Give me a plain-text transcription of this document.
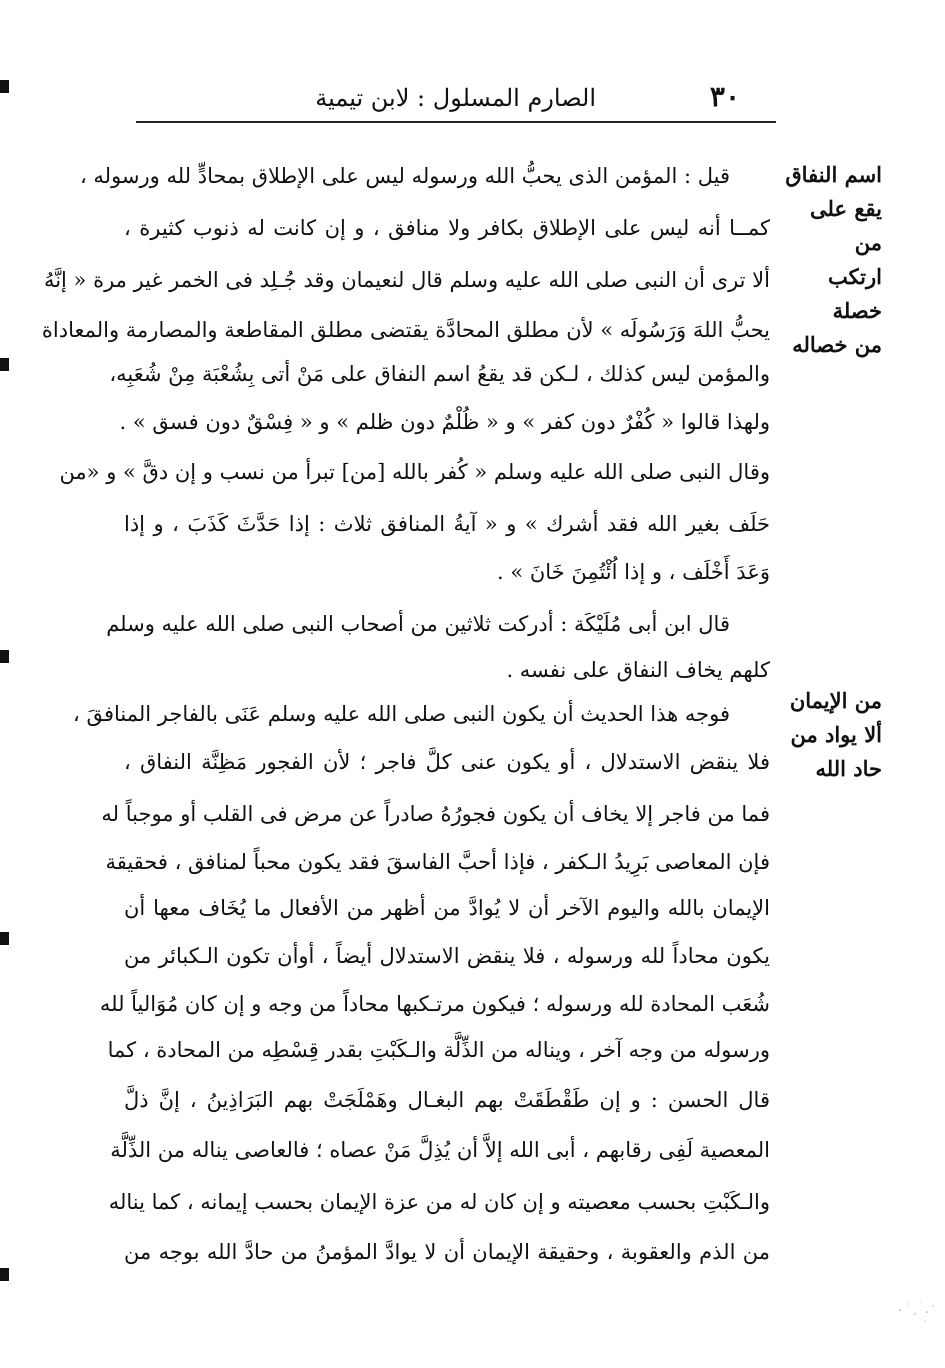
٣٠
الصارم المسلول : لابن تيمية
اسم النفاق
يقع على من
ارتكب خصلة
من خصاله
من الإيمان
ألا يواد من
حاد الله
قيل : المؤمن الذى يحبُّ الله ورسوله ليس على الإطلاق بمحادٍّ لله ورسوله ،
كمــا أنه ليس على الإطلاق بكافر ولا منافق ، و إن كانت له ذنوب كثيرة ،
ألا ترى أن النبى صلى الله عليه وسلم قال لنعيمان وقد جُـلِد فى الخمر غير مرة « إنَّهُ
يحبُّ اللهَ وَرَسُولَه » لأن مطلق المحادَّة يقتضى مطلق المقاطعة والمصارمة والمعاداة
والمؤمن ليس كذلك ، لـكن قد يقعُ اسم النفاق على مَنْ أتى بِشُعْبَة مِنْ شُعَبِه،
ولهذا قالوا « كُفْرٌ دون كفر » و « ظُلْمٌ دون ظلم » و « فِسْقٌ دون فسق » .
وقال النبى صلى الله عليه وسلم « كُفر بالله [من] تبرأ من نسب و إن دقَّ » و «من
حَلَف بغير الله فقد أشرك » و « آيةُ المنافق ثلاث : إذا حَدَّثَ كَذَبَ ، و إذا
وَعَدَ أَخْلَف ، و إذا اُئْتُمِنَ خَانَ » .
قال ابن أبى مُلَيْكَة : أدركت ثلاثين من أصحاب النبى صلى الله عليه وسلم
كلهم يخاف النفاق على نفسه .
فوجه هذا الحديث أن يكون النبى صلى الله عليه وسلم عَنَى بالفاجر المنافقَ ،
فلا ينقض الاستدلال ، أو يكون عنى كلَّ فاجر ؛ لأن الفجور مَظِنَّة النفاق ،
فما من فاجر إلا يخاف أن يكون فجورُهُ صادراً عن مرض فى القلب أو موجباً له
فإن المعاصى بَرِيدُ الـكفر ، فإذا أحبَّ الفاسقَ فقد يكون محباً لمنافق ، فحقيقة
الإيمان بالله واليوم الآخر أن لا يُوادَّ من أظهر من الأفعال ما يُخَاف معها أن
يكون محاداً لله ورسوله ، فلا ينقض الاستدلال أيضاً ، أوأن تكون الـكبائر من
شُعَب المحادة لله ورسوله ؛ فيكون مرتـكبها محاداً من وجه و إن كان مُوَالياً لله
ورسوله من وجه آخر ، ويناله من الذِّلَّة والـكَبْتِ بقدر قِسْطِه من المحادة ، كما
قال الحسن : و إن طَقْطَقَتْ بهم البغـال وهَمْلَجَتْ بهم البَرَاذِينُ ، إنَّ ذلَّ
المعصية لَفِى رقابهم ، أبى الله إلاَّ أن يُذِلَّ مَنْ عصاه ؛ فالعاصى يناله من الذِّلَّة
والـكَبْتِ بحسب معصيته و إن كان له من عزة الإيمان بحسب إيمانه ، كما يناله
من الذم والعقوبة ، وحقيقة الإيمان أن لا يوادَّ المؤمنُ من حادَّ الله بوجه من
